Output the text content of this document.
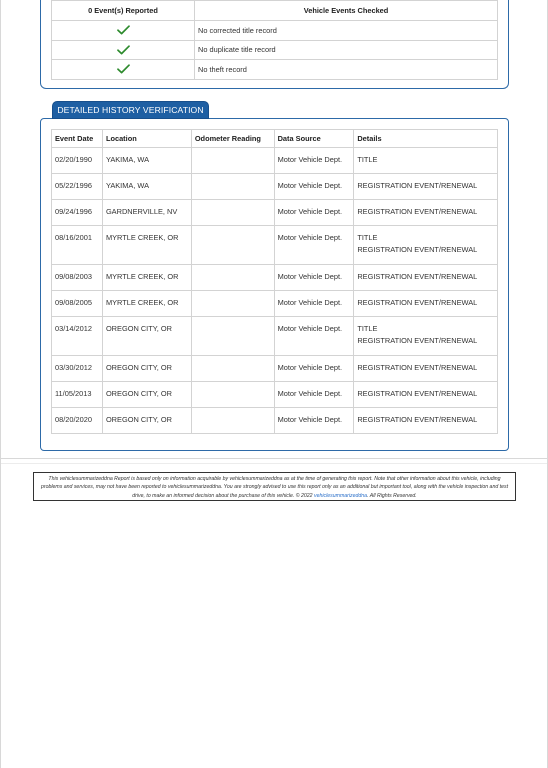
0 Event(s) Reported	Vehicle Events Checked
	No corrected title record
	No duplicate title record
	No theft record
DETAILED HISTORY VERIFICATION
Event Date	Location	Odometer Reading	Data Source	Details
02/20/1990	YAKIMA, WA		Motor Vehicle Dept.	TITLE

05/22/1996	YAKIMA, WA		Motor Vehicle Dept.	REGISTRATION EVENT/RENEWAL

09/24/1996	GARDNERVILLE, NV		Motor Vehicle Dept.	REGISTRATION EVENT/RENEWAL

08/16/2001	MYRTLE CREEK, OR		Motor Vehicle Dept.	TITLE
REGISTRATION EVENT/RENEWAL

09/08/2003	MYRTLE CREEK, OR		Motor Vehicle Dept.	REGISTRATION EVENT/RENEWAL

09/08/2005	MYRTLE CREEK, OR		Motor Vehicle Dept.	REGISTRATION EVENT/RENEWAL

03/14/2012	OREGON CITY, OR		Motor Vehicle Dept.	TITLE
REGISTRATION EVENT/RENEWAL

03/30/2012	OREGON CITY, OR		Motor Vehicle Dept.	REGISTRATION EVENT/RENEWAL

11/05/2013	OREGON CITY, OR		Motor Vehicle Dept.	REGISTRATION EVENT/RENEWAL

08/20/2020	OREGON CITY, OR		Motor Vehicle Dept.	REGISTRATION EVENT/RENEWAL
This vehiclesummarizeddna Report is based only on information acquirable by vehiclesummarizeddna as at the time of generating this report. Note that other information about this vehicle, including problems and services, may not have been reported to vehiclesummarizeddna. You are strongly advised to use this report only as an additional but important tool, along with the vehicle inspection and test drive, to make an informed decision about the purchase of this vehicle. © 2022 vehiclesummarizeddna. All Rights Reserved.
